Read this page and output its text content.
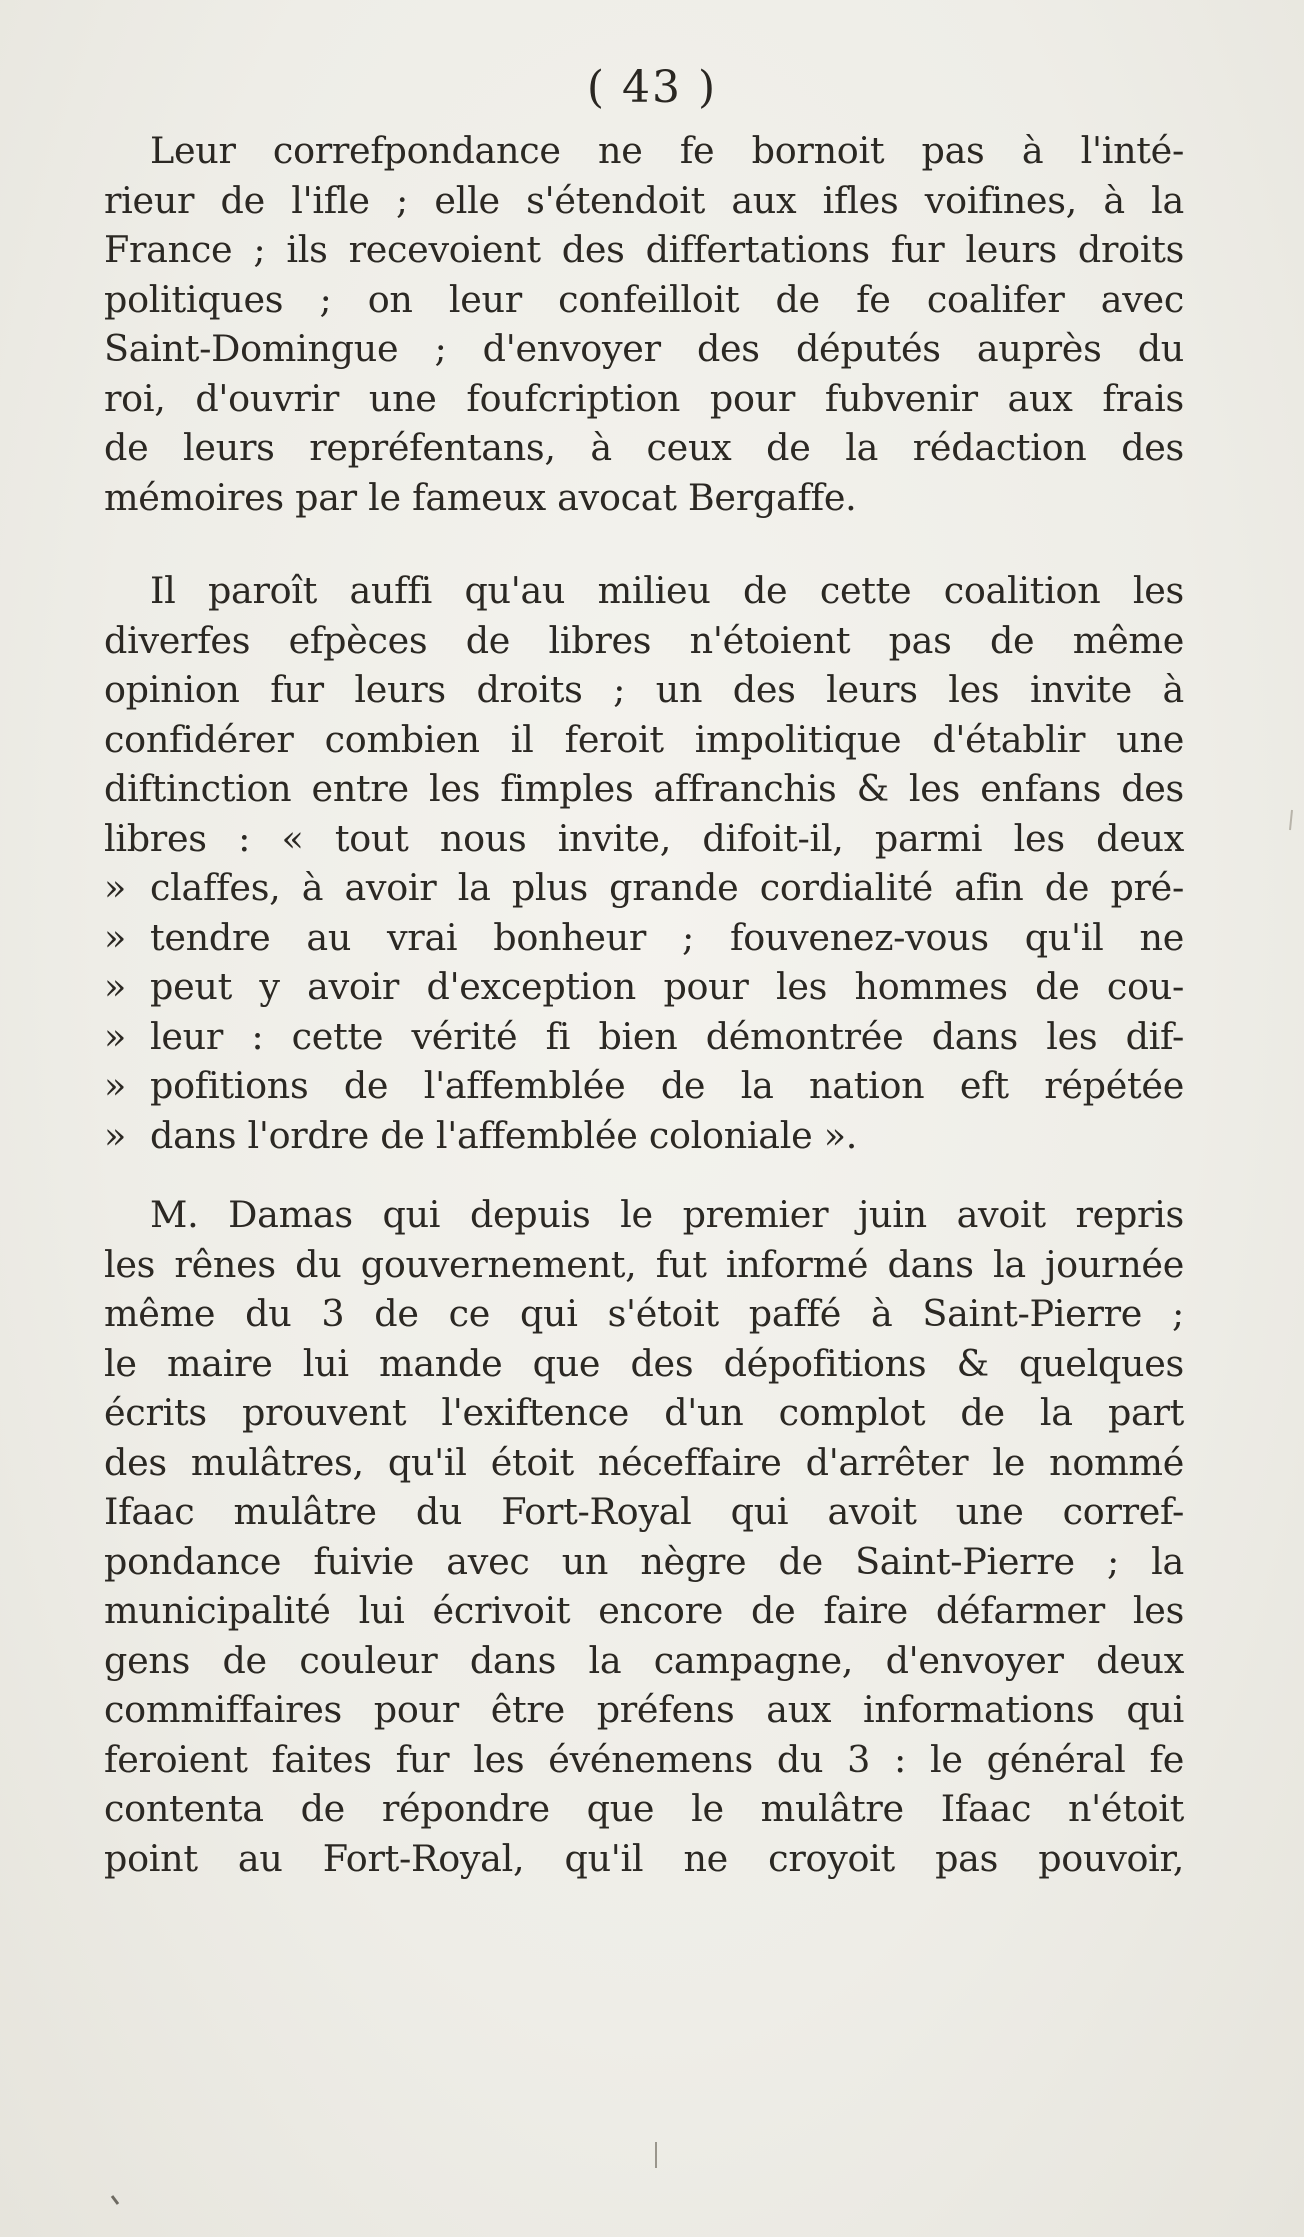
( 43 )
Leur correfpondance ne fe bornoit pas à l'inté-
rieur de l'ifle ; elle s'étendoit aux ifles voifines, à la
France ; ils recevoient des differtations fur leurs droits
politiques ; on leur confeilloit de fe coalifer avec
Saint-Domingue ; d'envoyer des députés auprès du
roi, d'ouvrir une foufcription pour fubvenir aux frais
de leurs repréfentans, à ceux de la rédaction des
mémoires par le fameux avocat Bergaffe.
Il paroît auffi qu'au milieu de cette coalition les
diverfes efpèces de libres n'étoient pas de même
opinion fur leurs droits ; un des leurs les invite à
confidérer combien il feroit impolitique d'établir une
diftinction entre les fimples affranchis & les enfans des
libres : « tout nous invite, difoit-il, parmi les deux
» claffes, à avoir la plus grande cordialité afin de pré-
» tendre au vrai bonheur ; fouvenez-vous qu'il ne
» peut y avoir d'exception pour les hommes de cou-
» leur : cette vérité fi bien démontrée dans les dif-
» pofitions de l'affemblée de la nation eft répétée
» dans l'ordre de l'affemblée coloniale ».
M. Damas qui depuis le premier juin avoit repris
les rênes du gouvernement, fut informé dans la journée
même du 3 de ce qui s'étoit paffé à Saint-Pierre ;
le maire lui mande que des dépofitions & quelques
écrits prouvent l'exiftence d'un complot de la part
des mulâtres, qu'il étoit néceffaire d'arrêter le nommé
Ifaac mulâtre du Fort-Royal qui avoit une corref-
pondance fuivie avec un nègre de Saint-Pierre ; la
municipalité lui écrivoit encore de faire défarmer les
gens de couleur dans la campagne, d'envoyer deux
commiffaires pour être préfens aux informations qui
feroient faites fur les événemens du 3 : le général fe
contenta de répondre que le mulâtre Ifaac n'étoit
point au Fort-Royal, qu'il ne croyoit pas pouvoir,
